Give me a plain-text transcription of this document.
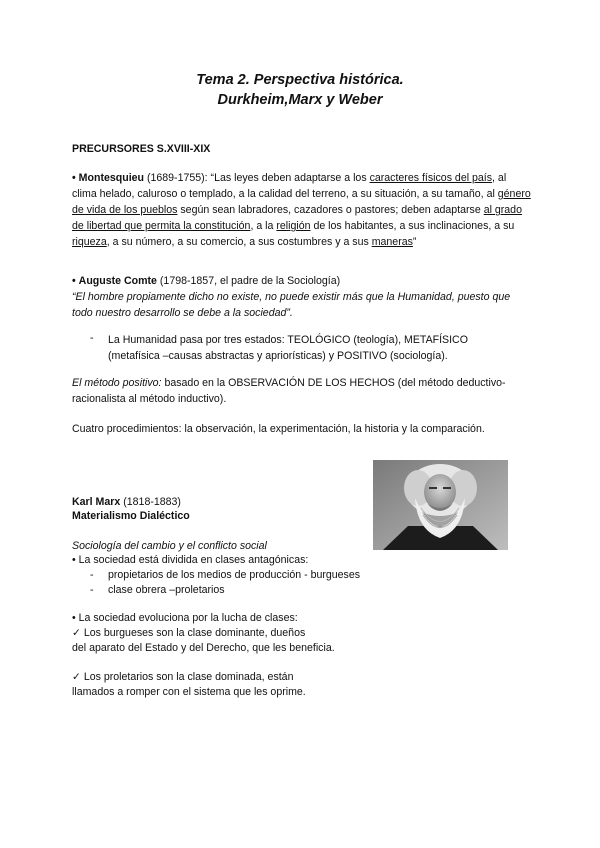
Tema 2. Perspectiva histórica.
Durkheim,Marx y Weber
PRECURSORES S.XVIII-XIX

• Montesquieu (1689-1755): “Las leyes deben adaptarse a los caracteres físicos del país, al clima helado, caluroso o templado, a la calidad del terreno, a su situación, a su tamaño, al género de vida de los pueblos según sean labradores, cazadores o pastores; deben adaptarse al grado de libertad que permita la constitución, a la religión de los habitantes, a sus inclinaciones, a su riqueza, a su número, a su comercio, a sus costumbres y a sus maneras”

• Auguste Comte (1798-1857, el padre de la Sociología)

“El hombre propiamente dicho no existe, no puede existir más que la Humanidad, puesto que todo nuestro desarrollo se debe a la sociedad”.

- La Humanidad pasa por tres estados: TEOLÓGICO (teología), METAFÍSICO (metafísica –causas abstractas y apriorísticas) y POSITIVO (sociología).

El método positivo: basado en la OBSERVACIÓN DE LOS HECHOS (del método deductivo-racionalista al método inductivo).

Cuatro procedimientos: la observación, la experimentación, la historia y la comparación.

Karl Marx (1818-1883)

Materialismo Dialéctico
Sociología del cambio y el conflicto social
• La sociedad está dividida en clases antagónicas:
- propietarios de los medios de producción - burgueses
- clase obrera –proletarios
• La sociedad evoluciona por la lucha de clases:
✓ Los burgueses son la clase dominante, dueños
del aparato del Estado y del Derecho, que les beneficia.
✓ Los proletarios son la clase dominada, están
llamados a romper con el sistema que les oprime.
